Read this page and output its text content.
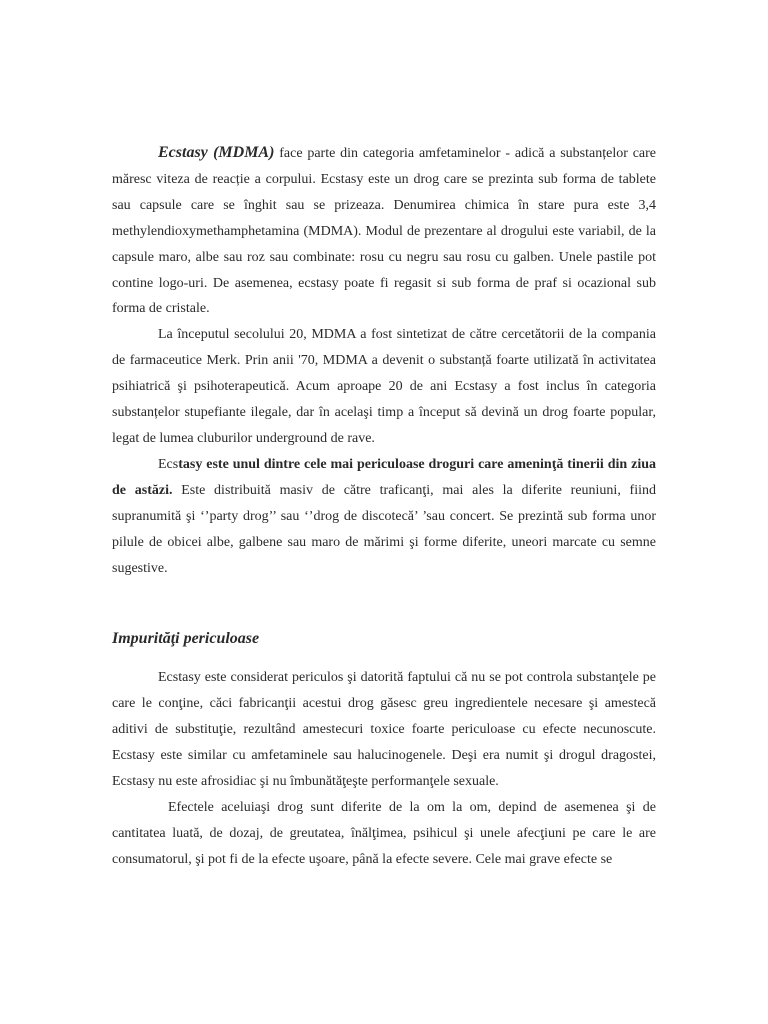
Ecstasy (MDMA) face parte din categoria amfetaminelor - adică a substanțelor care măresc viteza de reacție a corpului. Ecstasy este un drog care se prezinta sub forma de tablete sau capsule care se înghit sau se prizeaza. Denumirea chimica în stare pura este 3,4 methylendioxymethamphetamina (MDMA). Modul de prezentare al drogului este variabil, de la capsule maro, albe sau roz sau combinate: rosu cu negru sau rosu cu galben. Unele pastile pot contine logo-uri. De asemenea, ecstasy poate fi regasit si sub forma de praf si ocazional sub forma de cristale.

La începutul secolului 20, MDMA a fost sintetizat de către cercetătorii de la compania de farmaceutice Merk. Prin anii '70, MDMA a devenit o substanță foarte utilizată în activitatea psihiatrică şi psihoterapeutică. Acum aproape 20 de ani Ecstasy a fost inclus în categoria substanțelor stupefiante ilegale, dar în acelaşi timp a început să devină un drog foarte popular, legat de lumea cluburilor underground de rave.

Ecstasy este unul dintre cele mai periculoase droguri care ameninţă tinerii din ziua de astăzi. Este distribuită masiv de către traficanţi, mai ales la diferite reuniuni, fiind supranumită şi ‘’party drog’’ sau ‘’drog de discotecă’ ’sau concert. Se prezintă sub forma unor pilule de obicei albe, galbene sau maro de mărimi şi forme diferite, uneori marcate cu semne sugestive.

Impurităţi periculoase

Ecstasy este considerat periculos şi datorită faptului că nu se pot controla substanţele pe care le conţine, căci fabricanţii acestui drog găsesc greu ingredientele necesare şi amestecă aditivi de substituţie, rezultând amestecuri toxice foarte periculoase cu efecte necunoscute. Ecstasy este similar cu amfetaminele sau halucinogenele. Deşi era numit şi drogul dragostei, Ecstasy nu este afrosidiac şi nu îmbunătăţeşte performanţele sexuale.

Efectele aceluiaşi drog sunt diferite de la om la om, depind de asemenea şi de cantitatea luată, de dozaj, de greutatea, înălţimea, psihicul şi unele afecţiuni pe care le are consumatorul, şi pot fi de la efecte uşoare, până la efecte severe. Cele mai grave efecte se
